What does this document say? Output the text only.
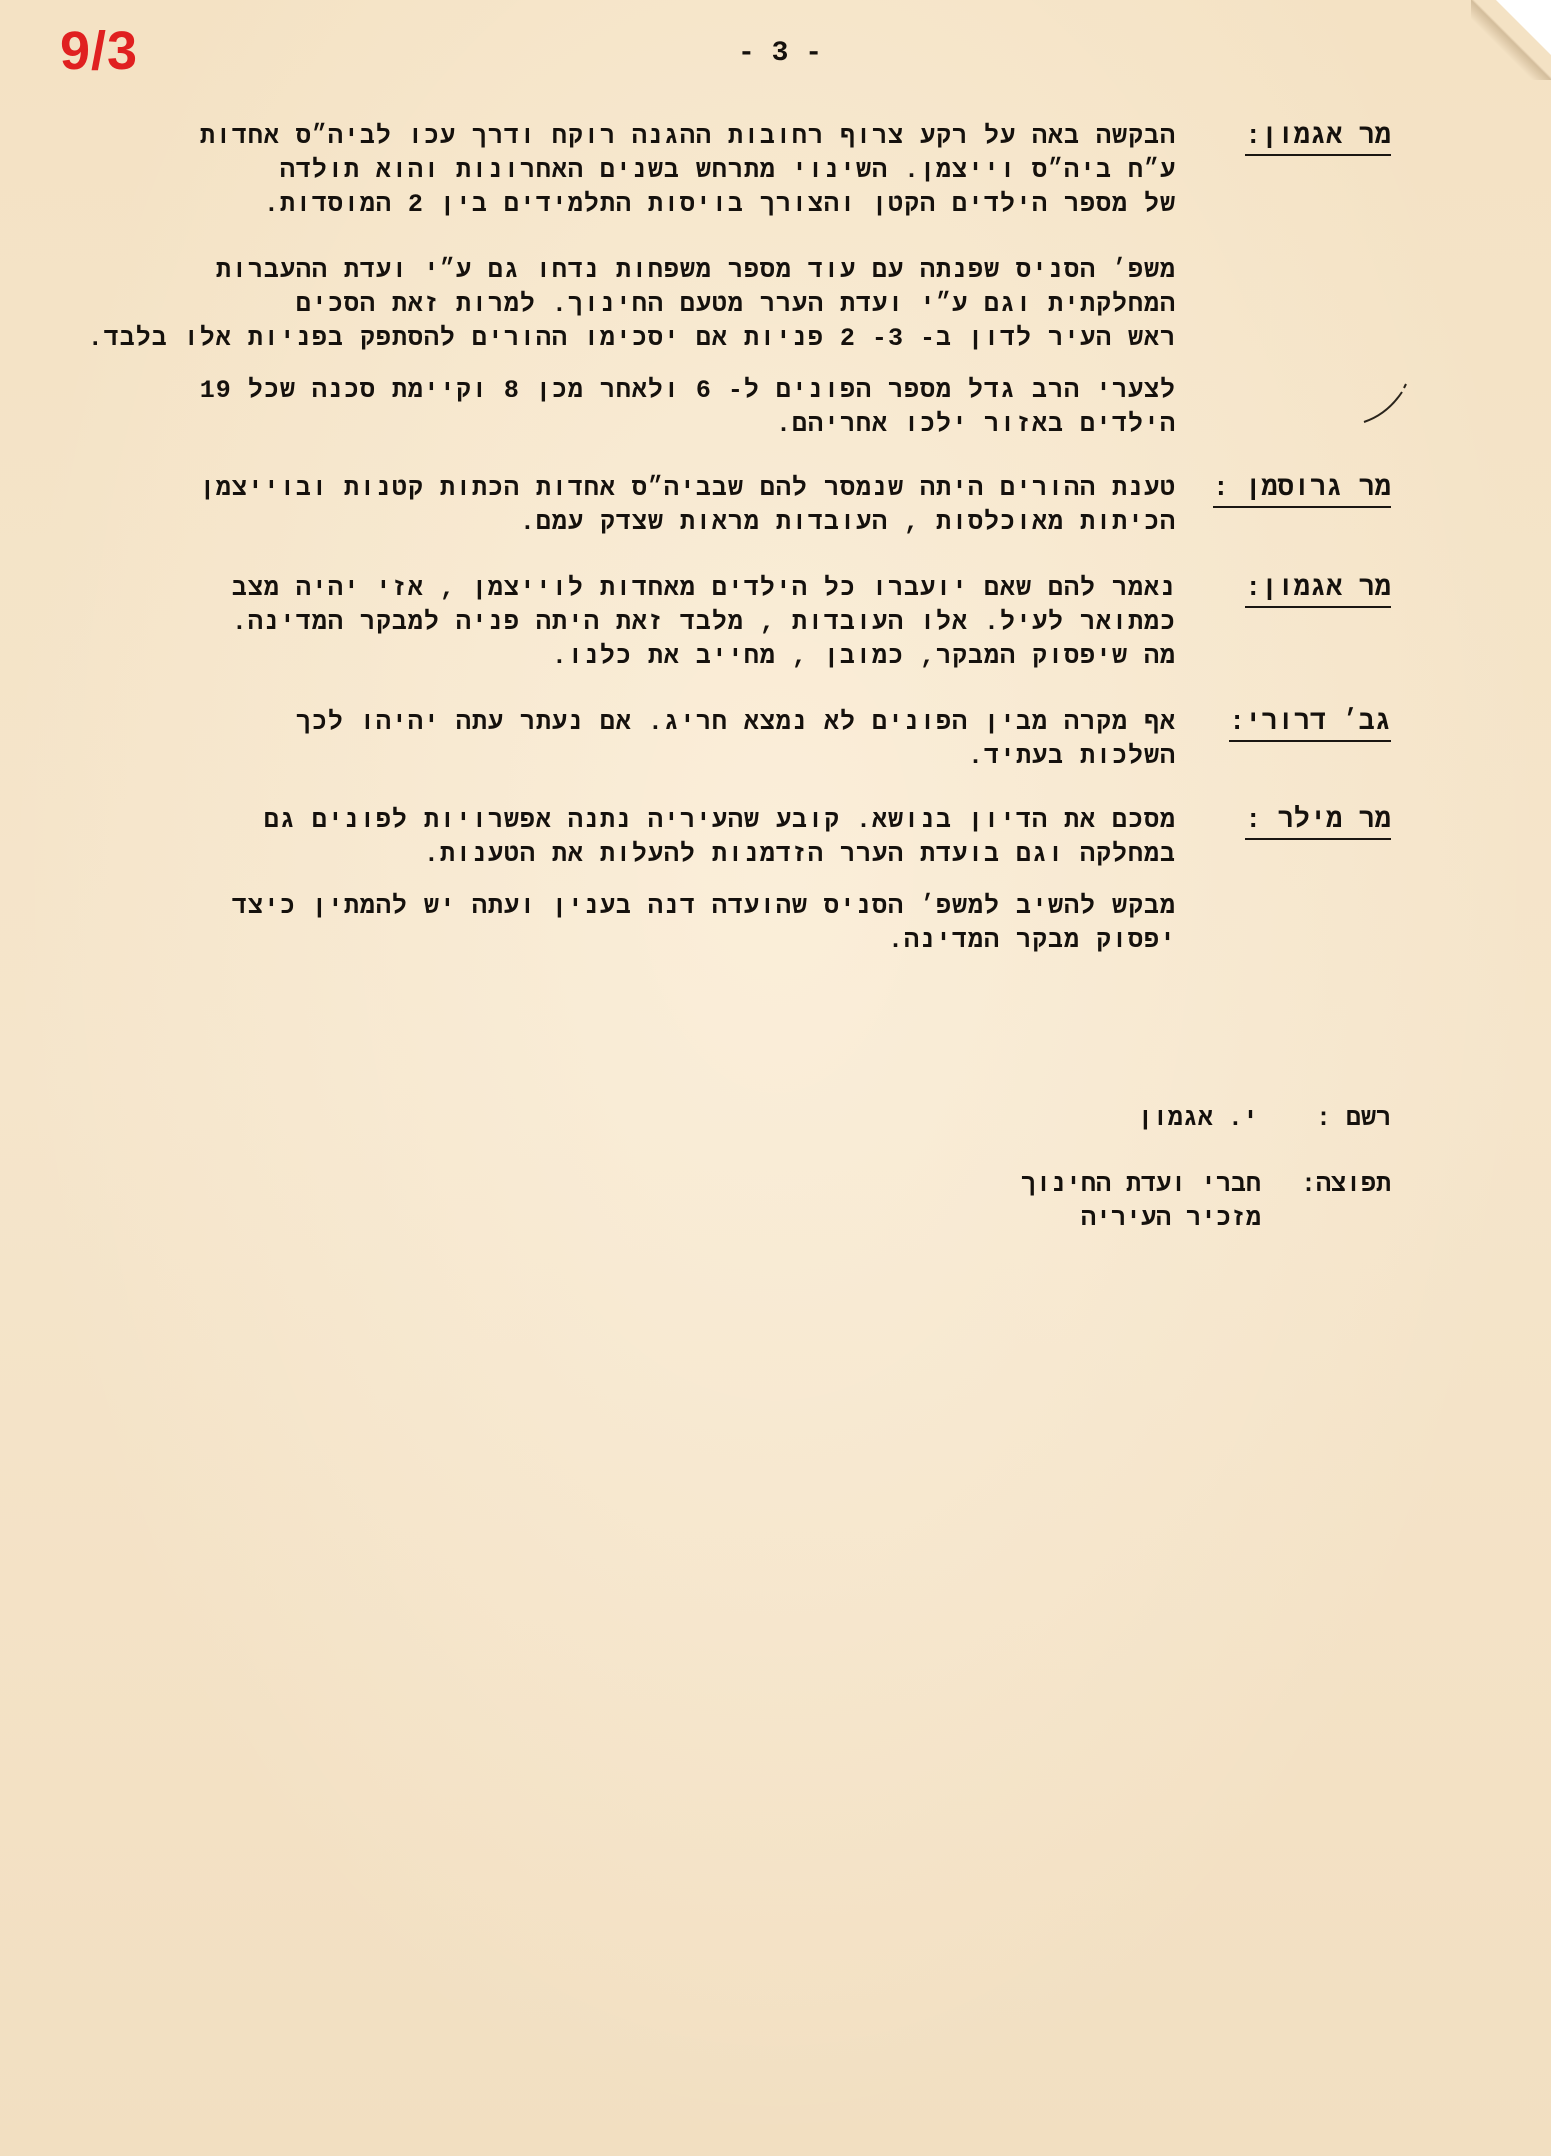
9/3	- 3 -
מר אגמון:
הבקשה באה על רקע צרוף רחובות ההגנה רוקח ודרך עכו לביה״ס אחדות
ע״ח ביה״ס וייצמן. השינוי מתרחש בשנים האחרונות והוא תולדה
של מספר הילדים הקטן והצורך בויסות התלמידים בין 2 המוסדות.
משפ׳ הסניס שפנתה עם עוד מספר משפחות נדחו גם ע״י ועדת ההעברות
המחלקתית וגם ע״י ועדת הערר מטעם החינוך. למרות זאת הסכים
ראש העיר לדון ב- 3- 2 פניות אם יסכימו ההורים להסתפק בפניות אלו בלבד.
לצערי הרב גדל מספר הפונים ל- 6 ולאחר מכן 8 וקיימת סכנה שכל 19
הילדים באזור ילכו אחריהם.
מר גרוסמן :
טענת ההורים היתה שנמסר להם שבביה״ס אחדות הכתות קטנות ובוייצמן
הכיתות מאוכלסות , העובדות מראות שצדק עמם.
מר אגמון:
נאמר להם שאם יועברו כל הילדים מאחדות לוייצמן , אזי יהיה מצב
כמתואר לעיל. אלו העובדות , מלבד זאת היתה פניה למבקר המדינה.
מה שיפסוק המבקר, כמובן , מחייב את כלנו.
גב׳ דרורי:
אף מקרה מבין הפונים לא נמצא חריג. אם נעתר עתה יהיהו לכך
השלכות בעתיד.
מר מילר :
מסכם את הדיון בנושא. קובע שהעיריה נתנה אפשרויות לפונים גם
במחלקה וגם בועדת הערר הזדמנות להעלות את הטענות.
מבקש להשיב למשפ׳ הסניס שהועדה דנה בענין ועתה יש להמתין כיצד
יפסוק מבקר המדינה.
רשם :  י. אגמון
תפוצה:
חברי ועדת החינוך
מזכיר העיריה
